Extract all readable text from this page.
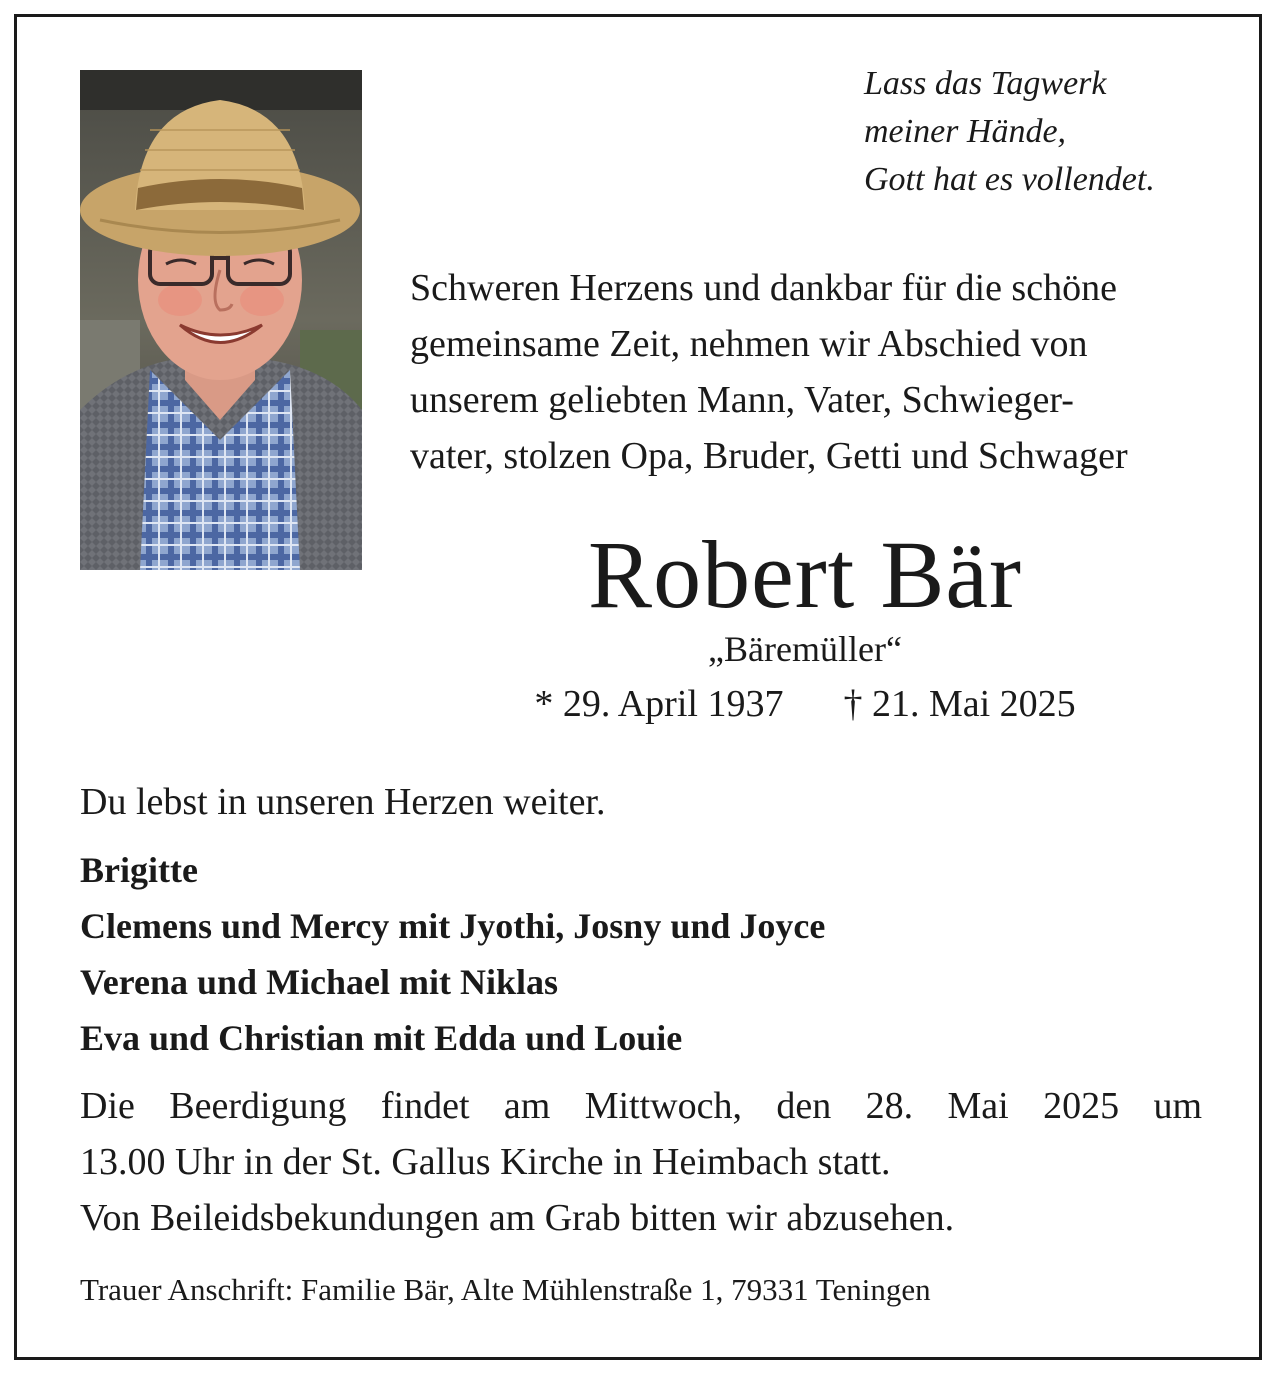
Lass das Tagwerk
meiner Hände,
Gott hat es vollendet.
Schweren Herzens und dankbar für die schöne
gemeinsame Zeit, nehmen wir Abschied von
unserem geliebten Mann, Vater, Schwieger-
vater, stolzen Opa, Bruder, Getti und Schwager
Robert Bär
„Bäremüller“
* 29. April 1937 † 21. Mai 2025
Du lebst in unseren Herzen weiter.
Brigitte
Clemens und Mercy mit Jyothi, Josny und Joyce
Verena und Michael mit Niklas
Eva und Christian mit Edda und Louie
Die Beerdigung findet am Mittwoch, den 28. Mai 2025 um
13.00 Uhr in der St. Gallus Kirche in Heimbach statt.
Von Beileidsbekundungen am Grab bitten wir abzusehen.
Trauer Anschrift: Familie Bär, Alte Mühlenstraße 1, 79331 Teningen
